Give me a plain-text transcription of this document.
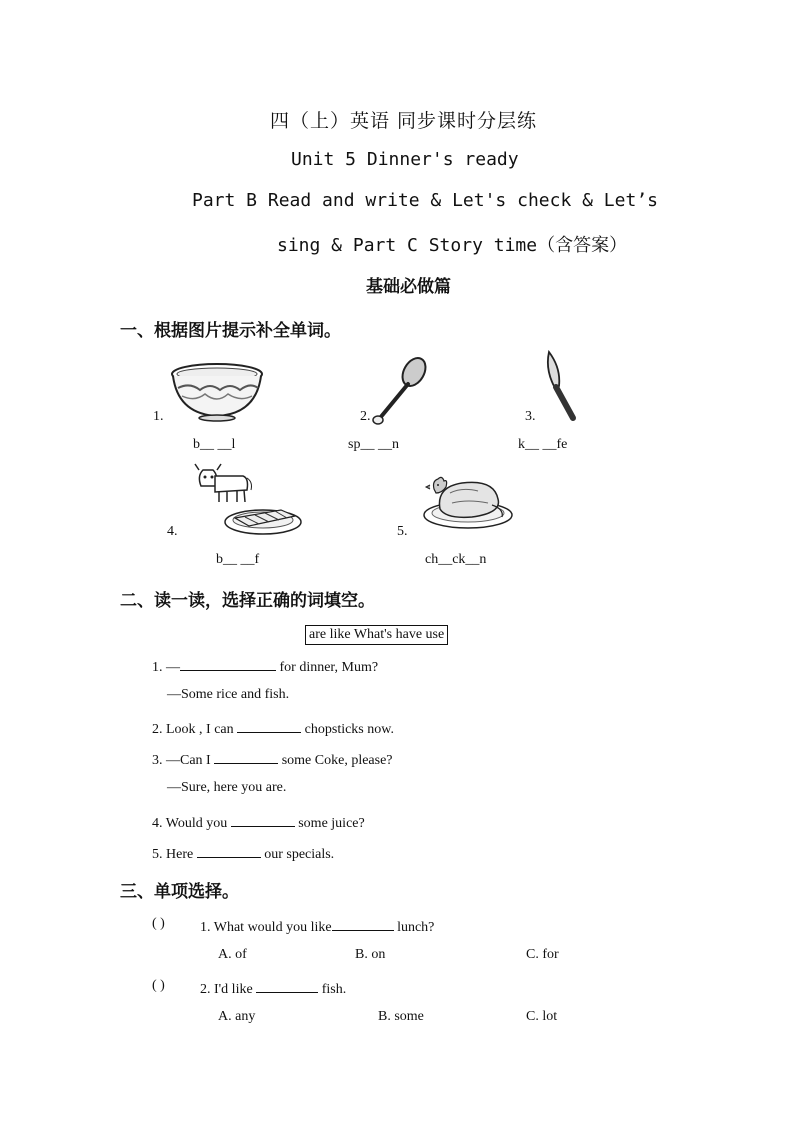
四（上）英语 同步课时分层练
Unit 5 Dinner's ready
Part B Read and write & Let's check & Let’s
sing & Part C Story time（含答案）
基础必做篇
一、根据图片提示补全单词。
1.
b__ __l
2.
sp__ __n
3.
k__ __fe
4.
b__ __f
5.
ch__ck__n
二、读一读，选择正确的词填空。
are like What's have use
1. —	for dinner, Mum?
—Some rice and fish.
2. Look , I can	chopsticks now.
3. —Can I	some Coke, please?
—Sure, here you are.
4. Would you	some juice?
5. Here	our specials.
三、单项选择。
( )	1. What would you like	lunch?
A. of	B. on	C. for
( )	2. I'd like	fish.
A. any	B. some	C. lot
